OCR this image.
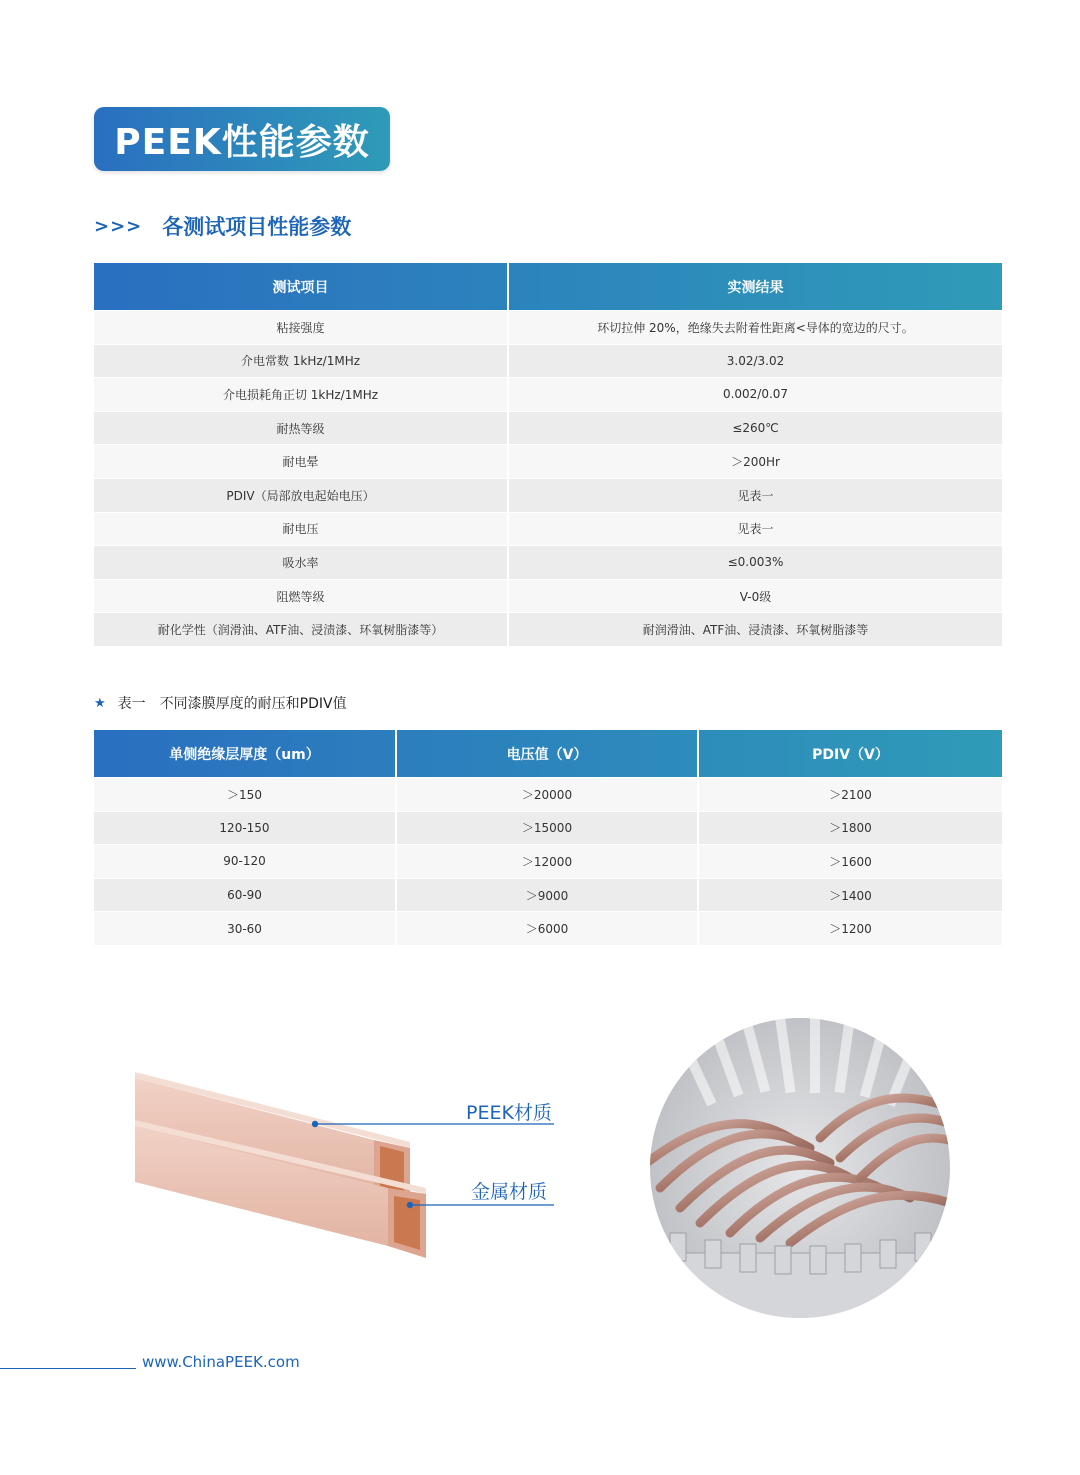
PEEK性能参数
>>> 各测试项目性能参数
测试项目	实测结果
粘接强度	环切拉伸 20%，绝缘失去附着性距离<导体的宽边的尺寸。
介电常数 1kHz/1MHz	3.02/3.02
介电损耗角正切 1kHz/1MHz	0.002/0.07
耐热等级	≤260℃
耐电晕	＞200Hr
PDIV（局部放电起始电压）	见表一
耐电压	见表一
吸水率	≤0.003%
阻燃等级	V-0级
耐化学性（润滑油、ATF油、浸渍漆、环氧树脂漆等）	耐润滑油、ATF油、浸渍漆、环氧树脂漆等
★ 表一 不同漆膜厚度的耐压和PDIV值
单侧绝缘层厚度（um）	电压值（V）	PDIV（V）
＞150	＞20000	＞2100
120-150	＞15000	＞1800
90-120	＞12000	＞1600
60-90	＞9000	＞1400
30-60	＞6000	＞1200
PEEK材质
金属材质
www.ChinaPEEK.com
